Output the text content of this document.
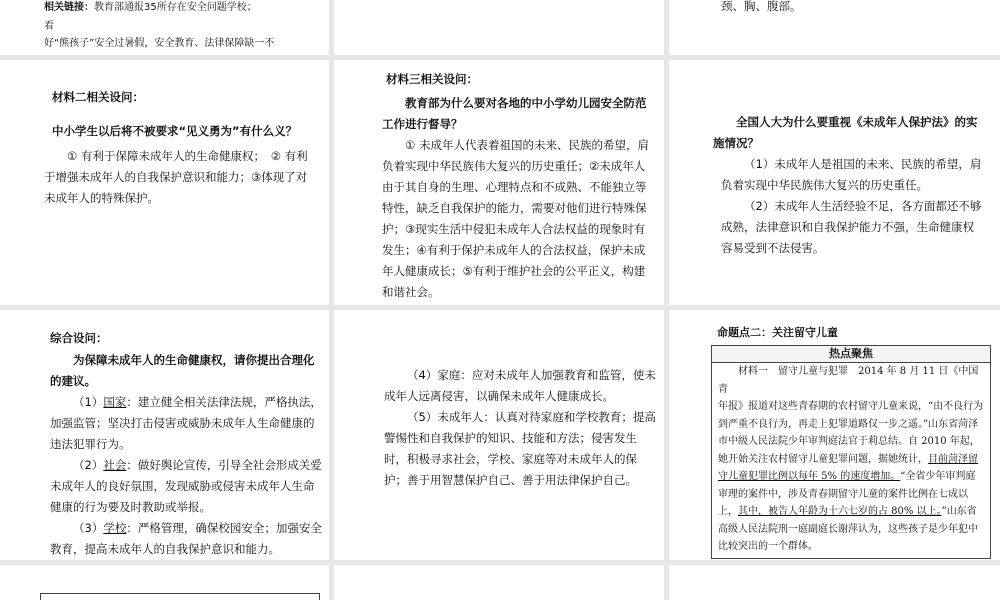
相关链接：教育部通报35所存在安全问题学校；

看

好“熊孩子”安全过暑假，安全教育、法律保障缺一不

颈、胸、腹部。

材料二相关设问：

中小学生以后将不被要求“见义勇为”有什么义？

① 有利于保障未成年人的生命健康权；　② 有利于增强未成年人的自我保护意识和能力；③体现了对未成年人的特殊保护。

材料三相关设问：

教育部为什么要对各地的中小学幼儿园安全防范工作进行督导？

① 未成年人代表着祖国的未来、民族的希望，肩负着实现中华民族伟大复兴的历史重任；②未成年人由于其自身的生理、心理特点和不成熟、不能独立等特性，缺乏自我保护的能力，需要对他们进行特殊保护；③现实生活中侵犯未成年人合法权益的现象时有发生；④有利于保护未成年人的合法权益，保护未成年人健康成长；⑤有利于维护社会的公平正义，构建和谐社会。

全国人大为什么要重视《未成年人保护法》的实施情况？

（1）未成年人是祖国的未来、民族的希望，肩负着实现中华民族伟大复兴的历史重任。

（2）未成年人生活经验不足，各方面都还不够成熟，法律意识和自我保护能力不强，生命健康权容易受到不法侵害。

综合设问：

为保障未成年人的生命健康权，请你提出合理化的建议。

（1）国家：建立健全相关法律法规，严格执法，加强监管；坚决打击侵害或威胁未成年人生命健康的违法犯罪行为。

（2）社会：做好舆论宣传，引导全社会形成关爱未成年人的良好氛围，发现威胁或侵害未成年人生命健康的行为要及时教助或举报。

（3）学校：严格管理，确保校园安全；加强安全教育，提高未成年人的自我保护意识和能力。

（4）家庭：应对未成年人加强教育和监管，使未成年人远离侵害，以确保未成年人健康成长。

（5）未成年人：认真对待家庭和学校教育；提高警惕性和自我保护的知识、技能和方法；侵害发生时，积极寻求社会，学校、家庭等对未成年人的保护；善于用智慧保护自己、善于用法律保护自己。

命题点二：关注留守儿童

热点聚焦

材料一　留守儿童与犯罪　2014 年 8 月 11 日《中国青

年报》报道对这些青春期的农村留守儿童来说，“由不良行为到严重不良行为，再走上犯罪道路仅一步之遥。”山东省菏泽市中级人民法院少年审判庭法官于莉总结。自 2010 年起，她开始关注农村留守儿童犯罪问题，据她统计，目前菏泽留守儿童犯罪比例以每年 5% 的速度增加。“全省少年审判庭审理的案件中，涉及青春期留守儿童的案件比例在七成以上，其中，被告人年龄为十六七岁的占 80% 以上。”山东省高级人民法院刑一庭副庭长谢萍认为，这些孩子是少年犯中比较突出的一个群体。
